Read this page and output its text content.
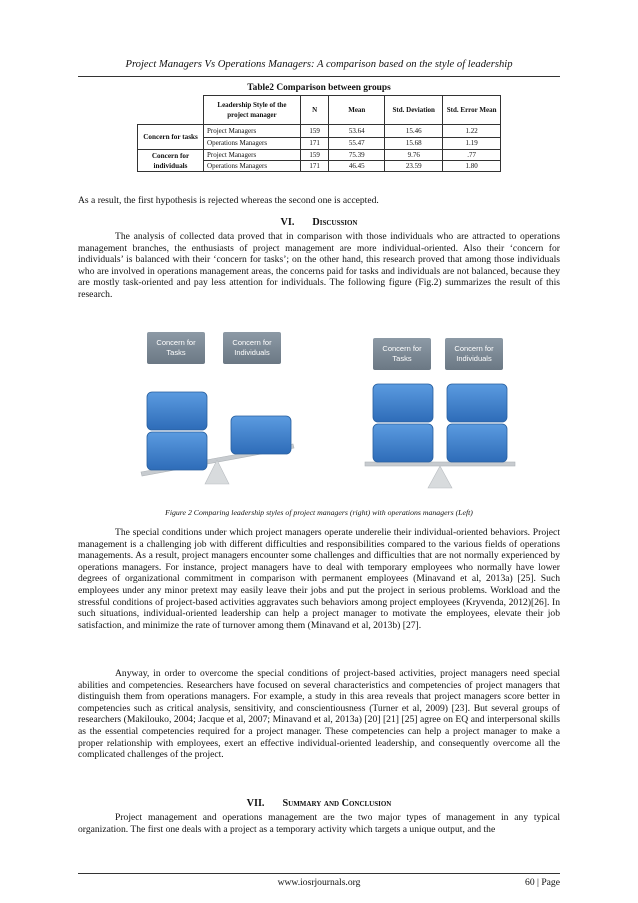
Project Managers Vs Operations Managers: A comparison based on the style of leadership
Table2 Comparison between groups
	Leadership Style of the project manager	N	Mean	Std. Deviation	Std. Error Mean
Concern for tasks	Project Managers	159	53.64	15.46	1.22
	Operations Managers	171	55.47	15.68	1.19
Concern for individuals	Project Managers	159	75.39	9.76	.77
	Operations Managers	171	46.45	23.59	1.80

As a result, the first hypothesis is rejected whereas the second one is accepted.

VI. Discussion

The analysis of collected data proved that in comparison with those individuals who are attracted to operations management branches, the enthusiasts of project management are more individual-oriented. Also their ‘concern for individuals’ is balanced with their ‘concern for tasks’; on the other hand, this research proved that among those individuals who are involved in operations management areas, the concerns paid for tasks and individuals are not balanced, because they are mostly task-oriented and pay less attention for individuals. The following figure (Fig.2) summarizes the result of this research.

Concern for
Tasks
Concern for
Individuals	Concern for
Tasks
Concern for
Individuals
Figure 2 Comparing leadership styles of project managers (right) with operations managers (Left)

The special conditions under which project managers operate underelie their individual-oriented behaviors. Project management is a challenging job with different difficulties and responsibilities compared to the various fields of operations managements. As a result, project managers encounter some challenges and difficulties that are not normally experienced by operations managers. For instance, project managers have to deal with temporary employees who normally have lower degrees of organizational commitment in comparison with permanent employees (Minavand et al, 2013a) [25]. Such employees under any minor pretext may easily leave their jobs and put the project in serious problems. Workload and the stressful conditions of project-based activities aggravates such behaviors among project employees (Kryvenda, 2012)[26]. In such situations, individual-oriented leadership can help a project manager to motivate the employees, elevate their job satisfaction, and minimize the rate of turnover among them (Minavand et al, 2013b) [27].

Anyway, in order to overcome the special conditions of project-based activities, project managers need special abilities and competencies. Researchers have focused on several characteristics and competencies of project managers that distinguish them from operations managers. For example, a study in this area reveals that project managers score better in competencies such as critical analysis, sensitivity, and conscientiousness (Turner et al, 2009) [23]. But several groups of researchers (Makilouko, 2004; Jacque et al, 2007; Minavand et al, 2013a) [20] [21] [25] agree on EQ and interpersonal skills as the essential competencies required for a project manager. These competencies can help a project manager to make a proper relationship with employees, exert an effective individual-oriented leadership, and consequently overcome all the complicated challenges of the project.

VII. Summary and Conclusion

Project management and operations management are the two major types of management in any typical organization. The first one deals with a project as a temporary activity which targets a unique output, and the

www.iosrjournals.org	60 | Page
